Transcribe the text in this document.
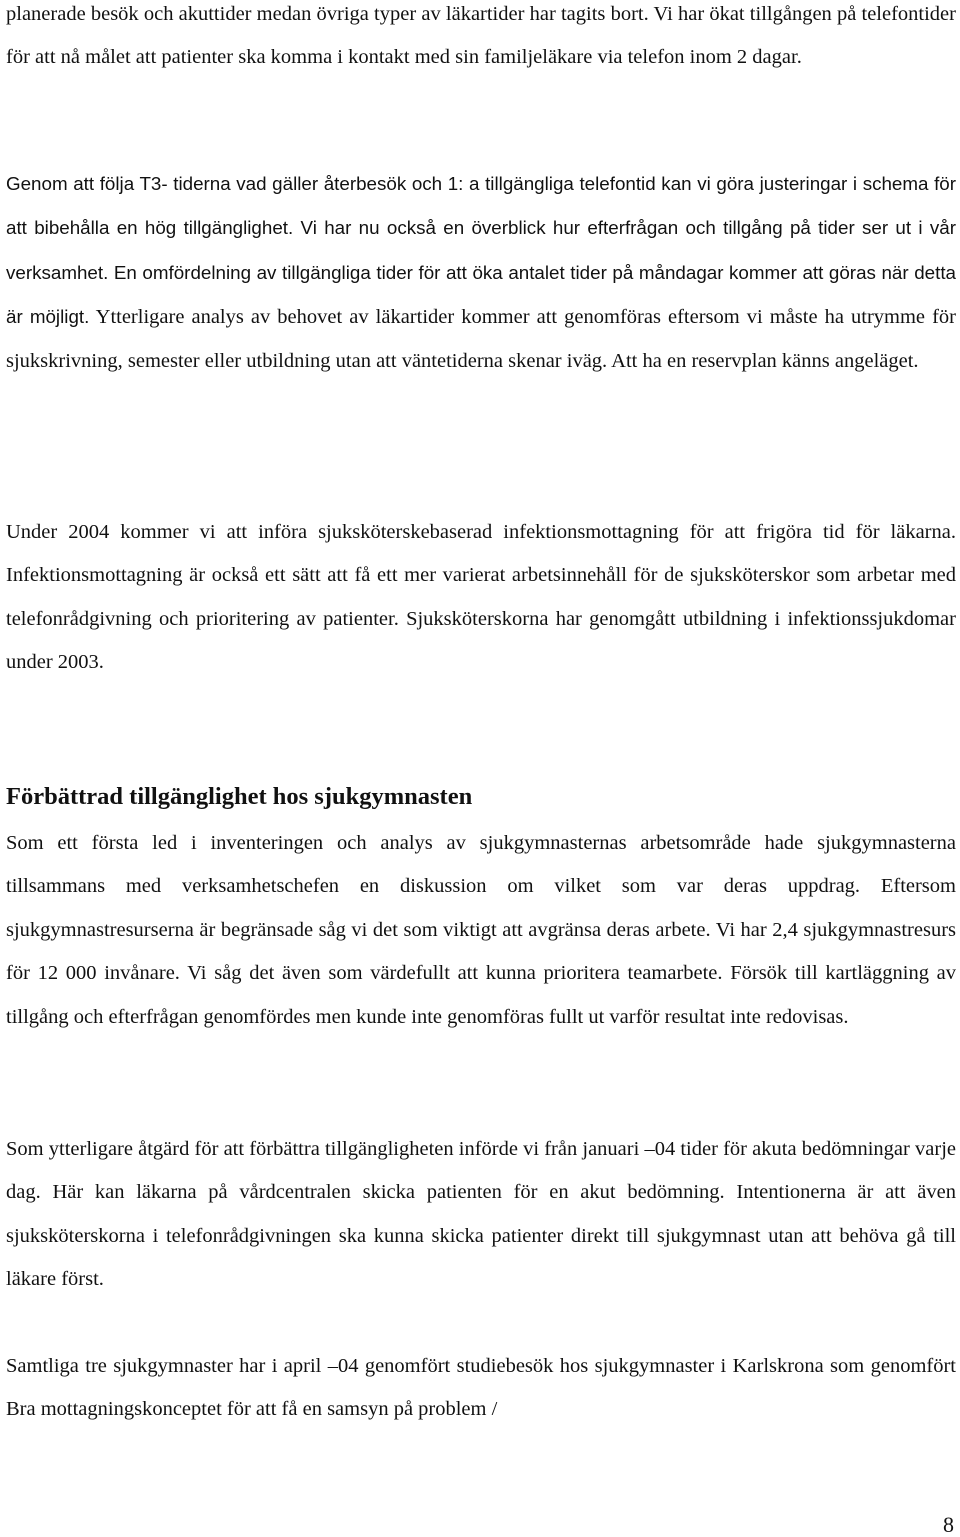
planerade besök och akuttider medan övriga typer av läkartider har tagits bort. Vi har ökat tillgången på telefontider för att nå målet att patienter ska komma i kontakt med sin familjeläkare via telefon inom 2 dagar.

Genom att följa T3- tiderna vad gäller återbesök och 1: a tillgängliga telefontid kan vi göra justeringar i schema för att bibehålla en hög tillgänglighet. Vi har nu också en överblick hur efterfrågan och tillgång på tider ser ut i vår verksamhet. En omfördelning av tillgängliga tider för att öka antalet tider på måndagar kommer att göras när detta är möjligt. Ytterligare analys av behovet av läkartider kommer att genomföras eftersom vi måste ha utrymme för sjukskrivning, semester eller utbildning utan att väntetiderna skenar iväg. Att ha en reservplan känns angeläget.

Under 2004 kommer vi att införa sjuksköterskebaserad infektionsmottagning för att frigöra tid för läkarna. Infektionsmottagning är också ett sätt att få ett mer varierat arbetsinnehåll för de sjuksköterskor som arbetar med telefonrådgivning och prioritering av patienter. Sjuksköterskorna har genomgått utbildning i infektionssjukdomar under 2003.

Förbättrad tillgänglighet hos sjukgymnasten

Som ett första led i inventeringen och analys av sjukgymnasternas arbetsområde hade sjukgymnasterna tillsammans med verksamhetschefen en diskussion om vilket som var deras uppdrag. Eftersom sjukgymnastresurserna är begränsade såg vi det som viktigt att avgränsa deras arbete. Vi har 2,4 sjukgymnastresurs för 12 000 invånare. Vi såg det även som värdefullt att kunna prioritera teamarbete. Försök till kartläggning av tillgång och efterfrågan genomfördes men kunde inte genomföras fullt ut varför resultat inte redovisas.

Som ytterligare åtgärd för att förbättra tillgängligheten införde vi från januari –04 tider för akuta bedömningar varje dag. Här kan läkarna på vårdcentralen skicka patienten för en akut bedömning. Intentionerna är att även sjuksköterskorna i telefonrådgivningen ska kunna skicka patienter direkt till sjukgymnast utan att behöva gå till läkare först.

Samtliga tre sjukgymnaster har i april –04 genomfört studiebesök hos sjukgymnaster i Karlskrona som genomfört Bra mottagningskonceptet för att få en samsyn på problem /

8
